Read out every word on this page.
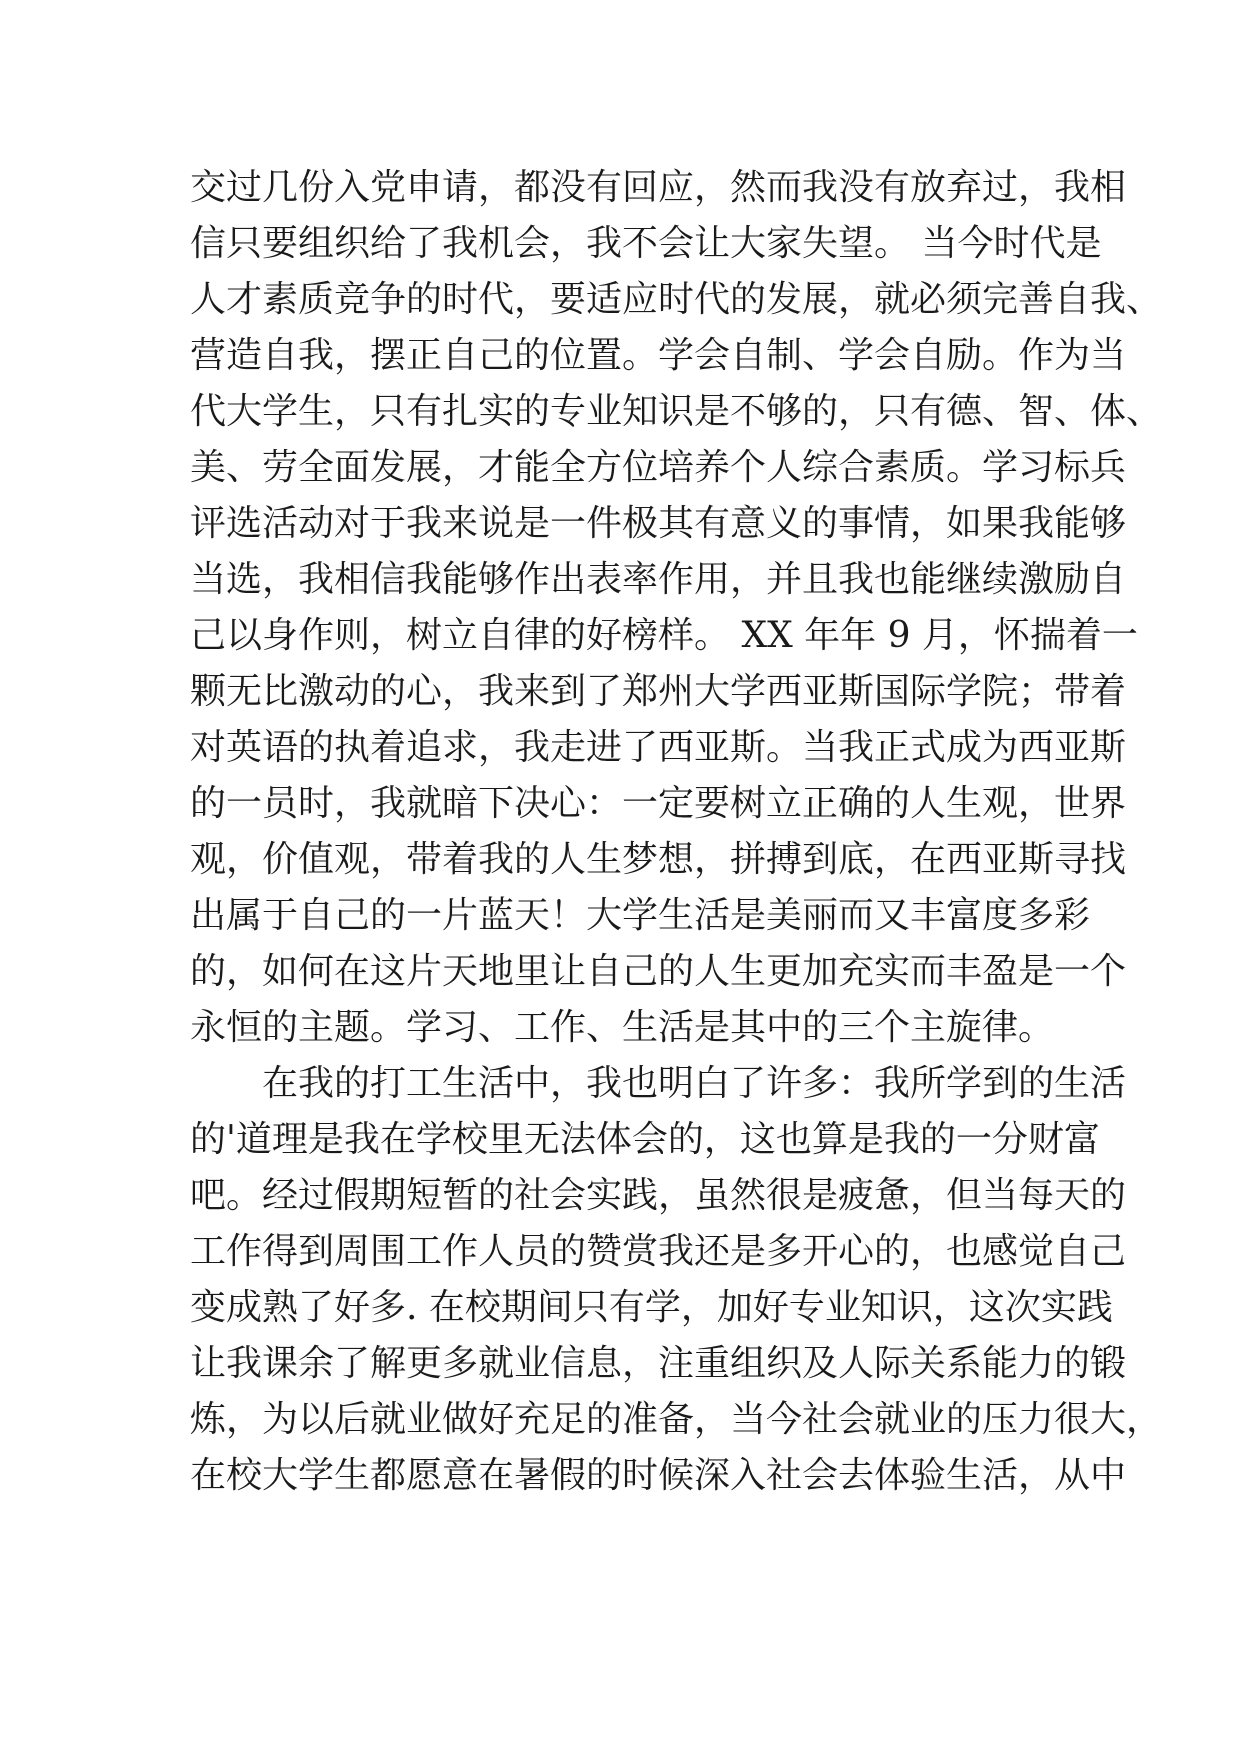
交过几份入党申请，都没有回应，然而我没有放弃过，我相
信只要组织给了我机会，我不会让大家失望。 当今时代是
人才素质竞争的时代，要适应时代的发展，就必须完善自我、
营造自我，摆正自己的位置。学会自制、学会自励。作为当
代大学生，只有扎实的专业知识是不够的，只有德、智、体、
美、劳全面发展，才能全方位培养个人综合素质。学习标兵
评选活动对于我来说是一件极其有意义的事情，如果我能够
当选，我相信我能够作出表率作用，并且我也能继续激励自
己以身作则，树立自律的好榜样。 XX 年年 9 月，怀揣着一
颗无比激动的心，我来到了郑州大学西亚斯国际学院；带着
对英语的执着追求，我走进了西亚斯。当我正式成为西亚斯
的一员时，我就暗下决心：一定要树立正确的人生观，世界
观，价值观，带着我的人生梦想，拼搏到底，在西亚斯寻找
出属于自己的一片蓝天！大学生活是美丽而又丰富度多彩
的，如何在这片天地里让自己的人生更加充实而丰盈是一个
永恒的主题。学习、工作、生活是其中的三个主旋律。
在我的打工生活中，我也明白了许多：我所学到的生活
的'道理是我在学校里无法体会的，这也算是我的一分财富
吧。经过假期短暂的社会实践，虽然很是疲惫，但当每天的
工作得到周围工作人员的赞赏我还是多开心的，也感觉自己
变成熟了好多. 在校期间只有学，加好专业知识，这次实践
让我课余了解更多就业信息，注重组织及人际关系能力的锻
炼，为以后就业做好充足的准备，当今社会就业的压力很大，
在校大学生都愿意在暑假的时候深入社会去体验生活，从中
